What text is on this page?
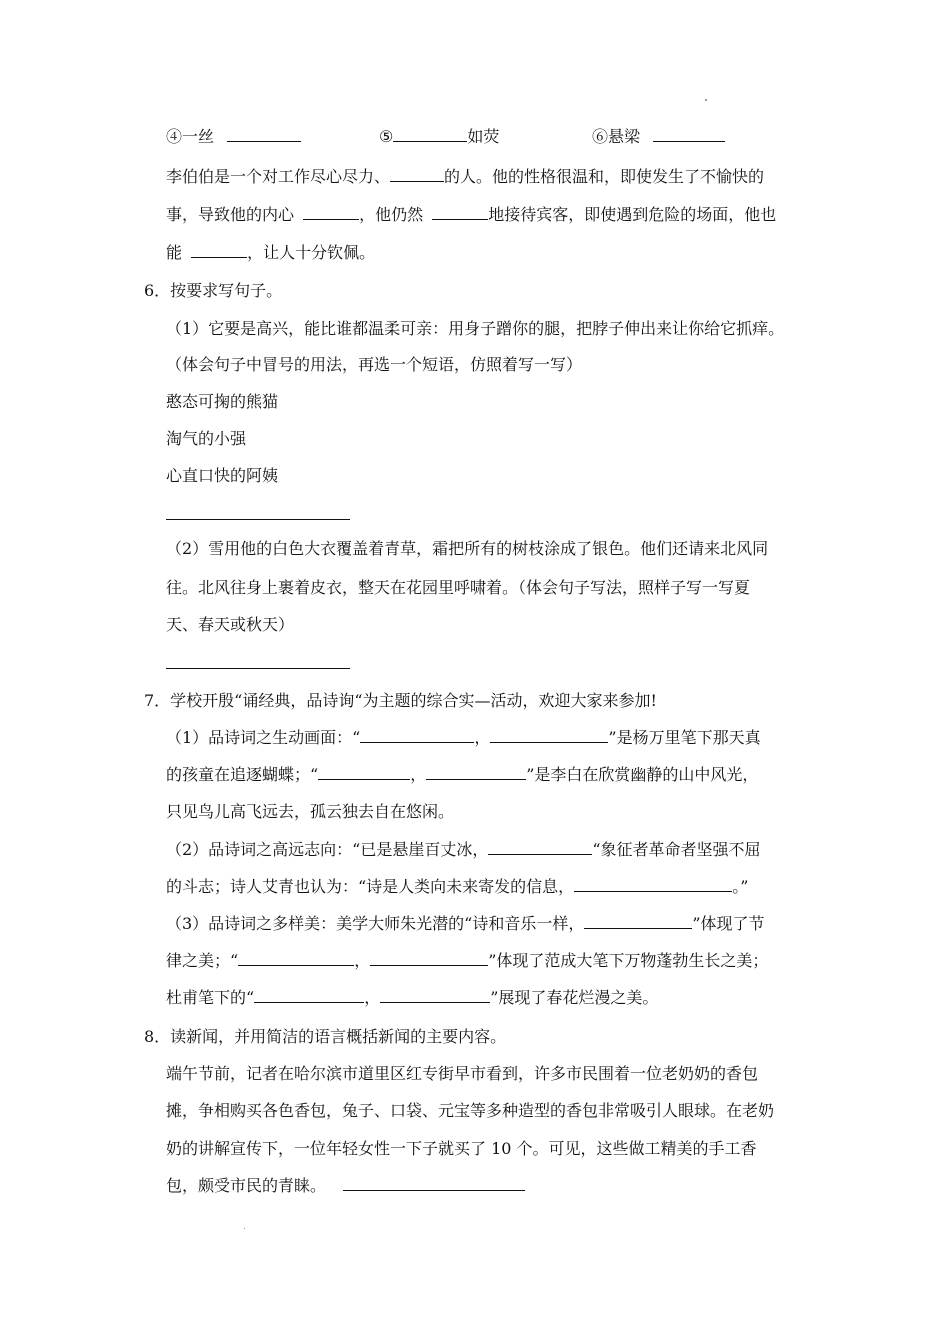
④一丝	⑤	如荧	⑥悬梁
李伯伯是一个对工作尽心尽力、	的人。他的性格很温和，即使发生了不愉快的
事，导致他的内心	，他仍然	地接待宾客，即使遇到危险的场面，他也
能	，让人十分钦佩。
6．按要求写句子。
（1）它要是高兴，能比谁都温柔可亲：用身子蹭你的腿，把脖子伸出来让你给它抓痒。
（体会句子中冒号的用法，再选一个短语，仿照着写一写）
憨态可掬的熊猫
淘气的小强
心直口快的阿姨
（2）雪用他的白色大衣覆盖着青草，霜把所有的树枝涂成了银色。他们还请来北风同
往。北风往身上裹着皮衣，整天在花园里呼啸着。（体会句子写法，照样子写一写夏
天、春天或秋天）
7．学校开殷“诵经典，品诗询“为主题的综合实—活动，欢迎大家来参加!
（1）品诗词之生动画面：“	，	”是杨万里笔下那天真
的孩童在追逐蝴蝶；“	，	”是李白在欣赏幽静的山中风光，
只见鸟儿高飞远去，孤云独去自在悠闲。
（2）品诗词之高远志向：“已是悬崖百丈冰，	“象征者革命者坚强不屈
的斗志；诗人艾青也认为：“诗是人类向未来寄发的信息，	。”
（3）品诗词之多样美：美学大师朱光潜的“诗和音乐一样，	”体现了节
律之美；“	，	”体现了范成大笔下万物蓬勃生长之美；
杜甫笔下的“	，	”展现了春花烂漫之美。
8．读新闻，并用简洁的语言概括新闻的主要内容。
端午节前，记者在哈尔滨市道里区红专街早市看到，许多市民围着一位老奶奶的香包
摊，争相购买各色香包，兔子、口袋、元宝等多种造型的香包非常吸引人眼球。在老奶
奶的讲解宣传下，一位年轻女性一下子就买了 10 个。可见，这些做工精美的手工香
包，颇受市民的青睐。
